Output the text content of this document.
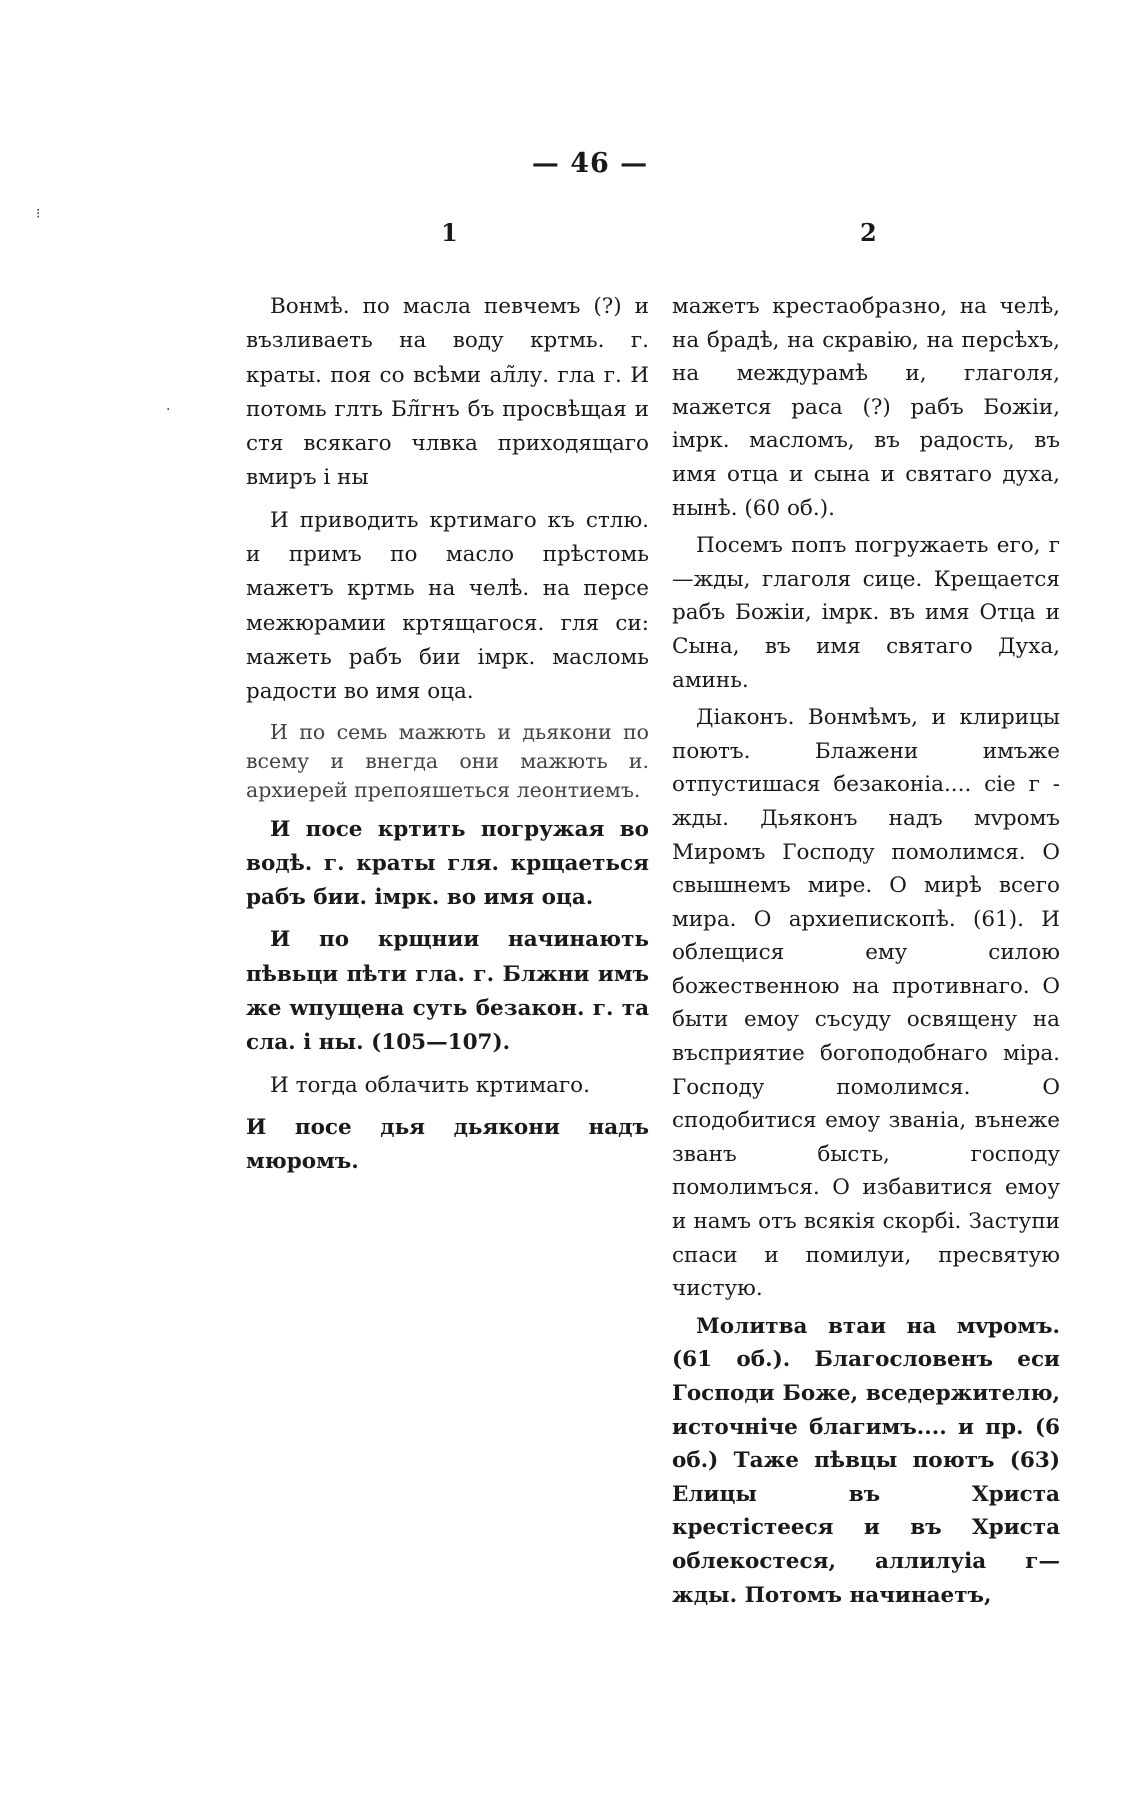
— 46 —
1	2

Вонмѣ. по масла певчемъ (?) и възливаеть на воду кртмь. г. краты. поя со всѣми ал̃лу. гла г. И потомь глть Бл̃гнъ бъ просвѣщая и стя всякаго члвка приходящаго вмиръ і ны

И приводить кртимаго къ стлю. и примъ по масло прѣстомь мажетъ кртмь на челѣ. на персе межюрамии кртящагося. гля си: мажеть рабъ бии імрк. масломь радости во имя оца.

И по семь мажють и дьякони по всему и внегда они мажють и. архиерей препояшеться леонтиемъ.

И посе кртить погружая во водѣ. г. краты гля. крщаеться рабъ бии. імрк. во имя оца.

И по крщнии начинають пѣвьци пѣти гла. г. Блжни имъ же wпущена суть безакон. г. та сла. і ны. (105—107).

И тогда облачить кртимаго.

И посе дья дьякони надъ мюромъ.

мажетъ крестаобразно, на челѣ, на брадѣ, на скравію, на персѣхъ, на междурамѣ и, глаголя, мажется раса (?) рабъ Божіи, імрк. масломъ, въ радость, въ имя отца и сына и святаго духа, нынѣ. (60 об.).

Посемъ попъ погружаеть его, г—жды, глаголя сице. Крещается рабъ Божіи, імрк. въ имя Отца и Сына, въ имя святаго Духа, аминь.

Діаконъ. Вонмѣмъ, и клирицы поютъ. Блажени имъже отпустишася безаконіа.... сіе г - жды. Дьяконъ надъ мvромъ Миромъ Господу помолимся. О свышнемъ мире. О мирѣ всего мира. О архиепископѣ. (61). И облещися ему силою божественною на противнаго. О быти емоу съсуду освящену на въсприятие богоподобнаго міра. Господу помолимся. О сподобитися емоу званіа, вънеже званъ бысть, господу помолимъся. О избавитися емоу и намъ отъ всякія скорбі. Заступи спаси и помилуи, пресвятую чистую.

Молитва втаи на мvромъ. (61 об.). Благословенъ еси Господи Боже, вседержителю, источніче благимъ.... и пр. (6 об.) Таже пѣвцы поютъ (63) Елицы въ Христа крестістееся и въ Христа облекостеся, аллилуіа г—жды. Потомъ начинаетъ,

⁝
·
